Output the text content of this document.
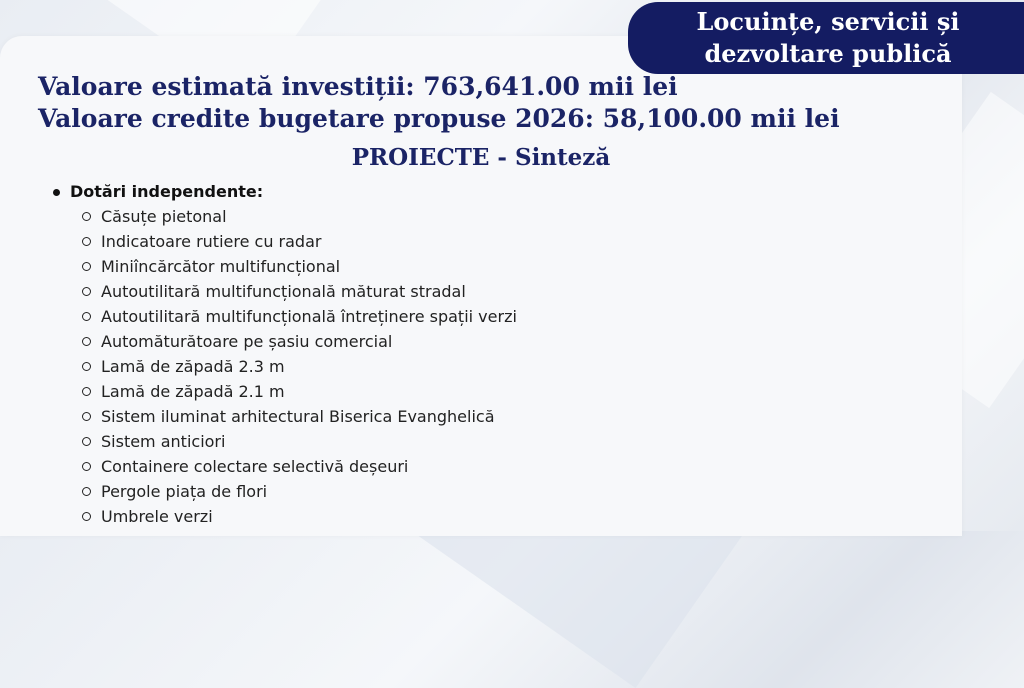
Locuințe, servicii și
dezvoltare publică
Valoare estimată investiții: 763,641.00 mii lei
Valoare credite bugetare propuse 2026: 58,100.00 mii lei
PROIECTE - Sinteză
Dotări independente:
Căsuțe pietonal
Indicatoare rutiere cu radar
Miniîncărcător multifuncțional
Autoutilitară multifuncțională măturat stradal
Autoutilitară multifuncțională întreținere spații verzi
Automăturătoare pe șasiu comercial
Lamă de zăpadă 2.3 m
Lamă de zăpadă 2.1 m
Sistem iluminat arhitectural Biserica Evanghelică
Sistem anticiori
Containere colectare selectivă deșeuri
Pergole piața de flori
Umbrele verzi
